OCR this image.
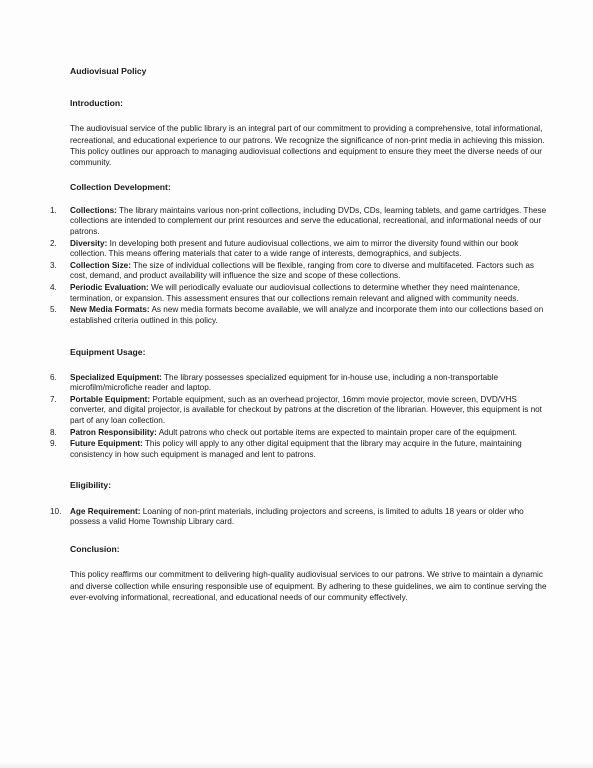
Audiovisual Policy
Introduction:

The audiovisual service of the public library is an integral part of our commitment to providing a comprehensive, total informational, recreational, and educational experience to our patrons. We recognize the significance of non-print media in achieving this mission. This policy outlines our approach to managing audiovisual collections and equipment to ensure they meet the diverse needs of our community.

Collection Development:
1. Collections: The library maintains various non-print collections, including DVDs, CDs, learning tablets, and game cartridges. These collections are intended to complement our print resources and serve the educational, recreational, and informational needs of our patrons.
2. Diversity: In developing both present and future audiovisual collections, we aim to mirror the diversity found within our book collection. This means offering materials that cater to a wide range of interests, demographics, and subjects.
3. Collection Size: The size of individual collections will be flexible, ranging from core to diverse and multifaceted. Factors such as cost, demand, and product availability will influence the size and scope of these collections.
4. Periodic Evaluation: We will periodically evaluate our audiovisual collections to determine whether they need maintenance, termination, or expansion. This assessment ensures that our collections remain relevant and aligned with community needs.
5. New Media Formats: As new media formats become available, we will analyze and incorporate them into our collections based on established criteria outlined in this policy.
Equipment Usage:
6. Specialized Equipment: The library possesses specialized equipment for in-house use, including a non-transportable microfilm/microfiche reader and laptop.
7. Portable Equipment: Portable equipment, such as an overhead projector, 16mm movie projector, movie screen, DVD/VHS converter, and digital projector, is available for checkout by patrons at the discretion of the librarian. However, this equipment is not part of any loan collection.
8. Patron Responsibility: Adult patrons who check out portable items are expected to maintain proper care of the equipment.
9. Future Equipment: This policy will apply to any other digital equipment that the library may acquire in the future, maintaining consistency in how such equipment is managed and lent to patrons.
Eligibility:
10. Age Requirement: Loaning of non-print materials, including projectors and screens, is limited to adults 18 years or older who possess a valid Home Township Library card.
Conclusion:

This policy reaffirms our commitment to delivering high-quality audiovisual services to our patrons. We strive to maintain a dynamic and diverse collection while ensuring responsible use of equipment. By adhering to these guidelines, we aim to continue serving the ever-evolving informational, recreational, and educational needs of our community effectively.
